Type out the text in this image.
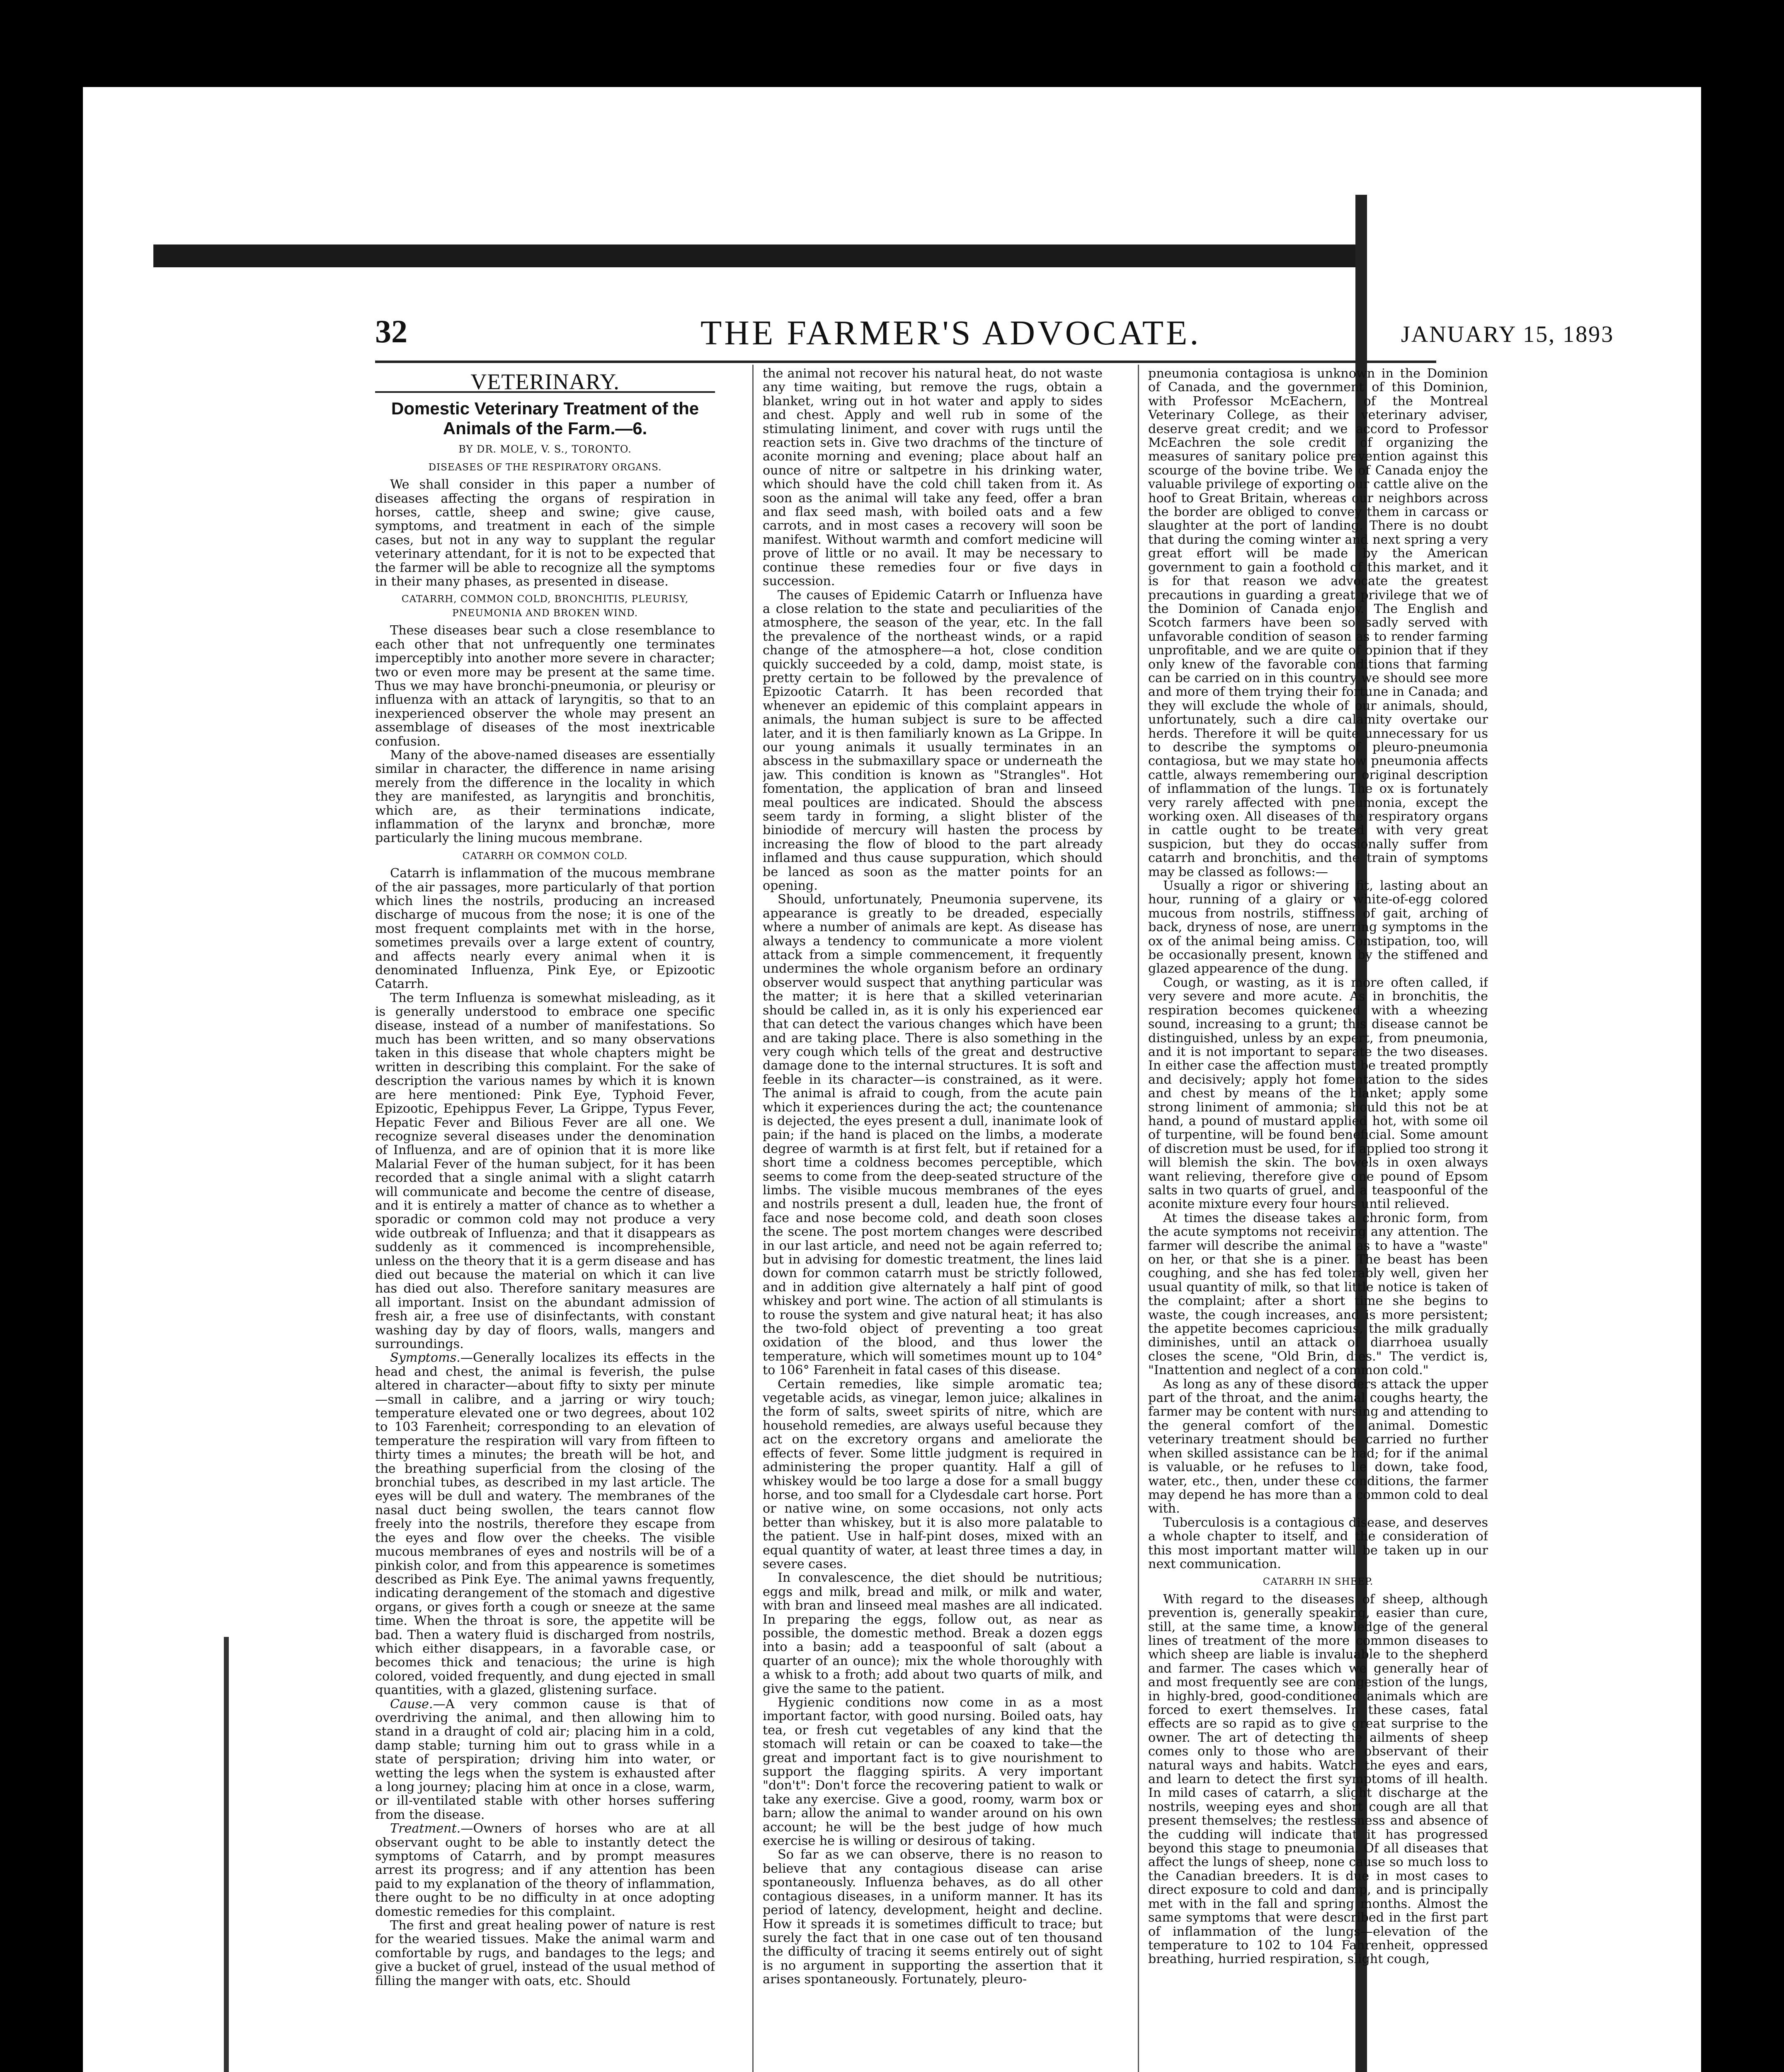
32	THE FARMER'S ADVOCATE.	JANUARY 15, 1893
VETERINARY.
Domestic Veterinary Treatment of the Animals of the Farm.—6.
BY DR. MOLE, V. S., TORONTO.
DISEASES OF THE RESPIRATORY ORGANS.

We shall consider in this paper a number of diseases affecting the organs of respiration in horses, cattle, sheep and swine; give cause, symptoms, and treatment in each of the simple cases, but not in any way to supplant the regular veterinary attendant, for it is not to be expected that the farmer will be able to recognize all the symptoms in their many phases, as presented in disease.

CATARRH, COMMON COLD, BRONCHITIS, PLEURISY, PNEUMONIA AND BROKEN WIND.

These diseases bear such a close resemblance to each other that not unfrequently one terminates imperceptibly into another more severe in character; two or even more may be present at the same time. Thus we may have bronchi-pneumonia, or pleurisy or influenza with an attack of laryngitis, so that to an inexperienced observer the whole may present an assemblage of diseases of the most inextricable confusion.

Many of the above-named diseases are essentially similar in character, the difference in name arising merely from the difference in the locality in which they are manifested, as laryngitis and bronchitis, which are, as their terminations indicate, inflammation of the larynx and bronchæ, more particularly the lining mucous membrane.

CATARRH OR COMMON COLD.

Catarrh is inflammation of the mucous membrane of the air passages, more particularly of that portion which lines the nostrils, producing an increased discharge of mucous from the nose; it is one of the most frequent complaints met with in the horse, sometimes prevails over a large extent of country, and affects nearly every animal when it is denominated Influenza, Pink Eye, or Epizootic Catarrh.

The term Influenza is somewhat misleading, as it is generally understood to embrace one specific disease, instead of a number of manifestations. So much has been written, and so many observations taken in this disease that whole chapters might be written in describing this complaint. For the sake of description the various names by which it is known are here mentioned: Pink Eye, Typhoid Fever, Epizootic, Epehippus Fever, La Grippe, Typus Fever, Hepatic Fever and Bilious Fever are all one. We recognize several diseases under the denomination of Influenza, and are of opinion that it is more like Malarial Fever of the human subject, for it has been recorded that a single animal with a slight catarrh will communicate and become the centre of disease, and it is entirely a matter of chance as to whether a sporadic or common cold may not produce a very wide outbreak of Influenza; and that it disappears as suddenly as it commenced is incomprehensible, unless on the theory that it is a germ disease and has died out because the material on which it can live has died out also. Therefore sanitary measures are all important. Insist on the abundant admission of fresh air, a free use of disinfectants, with constant washing day by day of floors, walls, mangers and surroundings.

Symptoms.—Generally localizes its effects in the head and chest, the animal is feverish, the pulse altered in character—about fifty to sixty per minute—small in calibre, and a jarring or wiry touch; temperature elevated one or two degrees, about 102 to 103 Farenheit; corresponding to an elevation of temperature the respiration will vary from fifteen to thirty times a minutes; the breath will be hot, and the breathing superficial from the closing of the bronchial tubes, as described in my last article. The eyes will be dull and watery. The membranes of the nasal duct being swollen, the tears cannot flow freely into the nostrils, therefore they escape from the eyes and flow over the cheeks. The visible mucous membranes of eyes and nostrils will be of a pinkish color, and from this appearence is sometimes described as Pink Eye. The animal yawns frequently, indicating derangement of the stomach and digestive organs, or gives forth a cough or sneeze at the same time. When the throat is sore, the appetite will be bad. Then a watery fluid is discharged from nostrils, which either disappears, in a favorable case, or becomes thick and tenacious; the urine is high colored, voided frequently, and dung ejected in small quantities, with a glazed, glistening surface.

Cause.—A very common cause is that of overdriving the animal, and then allowing him to stand in a draught of cold air; placing him in a cold, damp stable; turning him out to grass while in a state of perspiration; driving him into water, or wetting the legs when the system is exhausted after a long journey; placing him at once in a close, warm, or ill-ventilated stable with other horses suffering from the disease.

Treatment.—Owners of horses who are at all observant ought to be able to instantly detect the symptoms of Catarrh, and by prompt measures arrest its progress; and if any attention has been paid to my explanation of the theory of inflammation, there ought to be no difficulty in at once adopting domestic remedies for this complaint.

The first and great healing power of nature is rest for the wearied tissues. Make the animal warm and comfortable by rugs, and bandages to the legs; and give a bucket of gruel, instead of the usual method of filling the manger with oats, etc. Should

the animal not recover his natural heat, do not waste any time waiting, but remove the rugs, obtain a blanket, wring out in hot water and apply to sides and chest. Apply and well rub in some of the stimulating liniment, and cover with rugs until the reaction sets in. Give two drachms of the tincture of aconite morning and evening; place about half an ounce of nitre or saltpetre in his drinking water, which should have the cold chill taken from it. As soon as the animal will take any feed, offer a bran and flax seed mash, with boiled oats and a few carrots, and in most cases a recovery will soon be manifest. Without warmth and comfort medicine will prove of little or no avail. It may be necessary to continue these remedies four or five days in succession.

The causes of Epidemic Catarrh or Influenza have a close relation to the state and peculiarities of the atmosphere, the season of the year, etc. In the fall the prevalence of the northeast winds, or a rapid change of the atmosphere—a hot, close condition quickly succeeded by a cold, damp, moist state, is pretty certain to be followed by the prevalence of Epizootic Catarrh. It has been recorded that whenever an epidemic of this complaint appears in animals, the human subject is sure to be affected later, and it is then familiarly known as La Grippe. In our young animals it usually terminates in an abscess in the submaxillary space or underneath the jaw. This condition is known as "Strangles". Hot fomentation, the application of bran and linseed meal poultices are indicated. Should the abscess seem tardy in forming, a slight blister of the biniodide of mercury will hasten the process by increasing the flow of blood to the part already inflamed and thus cause suppuration, which should be lanced as soon as the matter points for an opening.

Should, unfortunately, Pneumonia supervene, its appearance is greatly to be dreaded, especially where a number of animals are kept. As disease has always a tendency to communicate a more violent attack from a simple commencement, it frequently undermines the whole organism before an ordinary observer would suspect that anything particular was the matter; it is here that a skilled veterinarian should be called in, as it is only his experienced ear that can detect the various changes which have been and are taking place. There is also something in the very cough which tells of the great and destructive damage done to the internal structures. It is soft and feeble in its character—is constrained, as it were. The animal is afraid to cough, from the acute pain which it experiences during the act; the countenance is dejected, the eyes present a dull, inanimate look of pain; if the hand is placed on the limbs, a moderate degree of warmth is at first felt, but if retained for a short time a coldness becomes perceptible, which seems to come from the deep-seated structure of the limbs. The visible mucous membranes of the eyes and nostrils present a dull, leaden hue, the front of face and nose become cold, and death soon closes the scene. The post mortem changes were described in our last article, and need not be again referred to; but in advising for domestic treatment, the lines laid down for common catarrh must be strictly followed, and in addition give alternately a half pint of good whiskey and port wine. The action of all stimulants is to rouse the system and give natural heat; it has also the two-fold object of preventing a too great oxidation of the blood, and thus lower the temperature, which will sometimes mount up to 104° to 106° Farenheit in fatal cases of this disease.

Certain remedies, like simple aromatic tea; vegetable acids, as vinegar, lemon juice; alkalines in the form of salts, sweet spirits of nitre, which are household remedies, are always useful because they act on the excretory organs and ameliorate the effects of fever. Some little judgment is required in administering the proper quantity. Half a gill of whiskey would be too large a dose for a small buggy horse, and too small for a Clydesdale cart horse. Port or native wine, on some occasions, not only acts better than whiskey, but it is also more palatable to the patient. Use in half-pint doses, mixed with an equal quantity of water, at least three times a day, in severe cases.

In convalescence, the diet should be nutritious; eggs and milk, bread and milk, or milk and water, with bran and linseed meal mashes are all indicated. In preparing the eggs, follow out, as near as possible, the domestic method. Break a dozen eggs into a basin; add a teaspoonful of salt (about a quarter of an ounce); mix the whole thoroughly with a whisk to a froth; add about two quarts of milk, and give the same to the patient.

Hygienic conditions now come in as a most important factor, with good nursing. Boiled oats, hay tea, or fresh cut vegetables of any kind that the stomach will retain or can be coaxed to take—the great and important fact is to give nourishment to support the flagging spirits. A very important "don't": Don't force the recovering patient to walk or take any exercise. Give a good, roomy, warm box or barn; allow the animal to wander around on his own account; he will be the best judge of how much exercise he is willing or desirous of taking.

So far as we can observe, there is no reason to believe that any contagious disease can arise spontaneously. Influenza behaves, as do all other contagious diseases, in a uniform manner. It has its period of latency, development, height and decline. How it spreads it is sometimes difficult to trace; but surely the fact that in one case out of ten thousand the difficulty of tracing it seems entirely out of sight is no argument in supporting the assertion that it arises spontaneously. Fortunately, pleuro-

pneumonia contagiosa is unknown in the Dominion of Canada, and the government of this Dominion, with Professor McEachern, of the Montreal Veterinary College, as their veterinary adviser, deserve great credit; and we accord to Professor McEachren the sole credit of organizing the measures of sanitary police prevention against this scourge of the bovine tribe. We of Canada enjoy the valuable privilege of exporting our cattle alive on the hoof to Great Britain, whereas our neighbors across the border are obliged to convey them in carcass or slaughter at the port of landing. There is no doubt that during the coming winter and next spring a very great effort will be made by the American government to gain a foothold of this market, and it is for that reason we advocate the greatest precautions in guarding a great privilege that we of the Dominion of Canada enjoy. The English and Scotch farmers have been so sadly served with unfavorable condition of season as to render farming unprofitable, and we are quite of opinion that if they only knew of the favorable conditions that farming can be carried on in this country we should see more and more of them trying their fortune in Canada; and they will exclude the whole of our animals, should, unfortunately, such a dire calamity overtake our herds. Therefore it will be quite unnecessary for us to describe the symptoms of pleuro-pneumonia contagiosa, but we may state how pneumonia affects cattle, always remembering our original description of inflammation of the lungs. The ox is fortunately very rarely affected with pneumonia, except the working oxen. All diseases of the respiratory organs in cattle ought to be treated with very great suspicion, but they do occasionally suffer from catarrh and bronchitis, and the train of symptoms may be classed as follows:—

Usually a rigor or shivering fit, lasting about an hour, running of a glairy or white-of-egg colored mucous from nostrils, stiffness of gait, arching of back, dryness of nose, are unerring symptoms in the ox of the animal being amiss. Constipation, too, will be occasionally present, known by the stiffened and glazed appearence of the dung.

Cough, or wasting, as it is more often called, if very severe and more acute. As in bronchitis, the respiration becomes quickened with a wheezing sound, increasing to a grunt; this disease cannot be distinguished, unless by an expert, from pneumonia, and it is not important to separate the two diseases. In either case the affection must be treated promptly and decisively; apply hot fomentation to the sides and chest by means of the blanket; apply some strong liniment of ammonia; should this not be at hand, a pound of mustard applied hot, with some oil of turpentine, will be found beneficial. Some amount of discretion must be used, for if applied too strong it will blemish the skin. The bowels in oxen always want relieving, therefore give one pound of Epsom salts in two quarts of gruel, and a teaspoonful of the aconite mixture every four hours until relieved.

At times the disease takes a chronic form, from the acute symptoms not receiving any attention. The farmer will describe the animal as to have a "waste" on her, or that she is a piner. The beast has been coughing, and she has fed tolerably well, given her usual quantity of milk, so that little notice is taken of the complaint; after a short time she begins to waste, the cough increases, and is more persistent; the appetite becomes capricious, the milk gradually diminishes, until an attack of diarrhoea usually closes the scene, "Old Brin, dies." The verdict is, "Inattention and neglect of a common cold."

As long as any of these disorders attack the upper part of the throat, and the animal coughs hearty, the farmer may be content with nursing and attending to the general comfort of the animal. Domestic veterinary treatment should be carried no further when skilled assistance can be had; for if the animal is valuable, or he refuses to lie down, take food, water, etc., then, under these conditions, the farmer may depend he has more than a common cold to deal with.

Tuberculosis is a contagious disease, and deserves a whole chapter to itself, and the consideration of this most important matter will be taken up in our next communication.

CATARRH IN SHEEP.

With regard to the diseases of sheep, although prevention is, generally speaking, easier than cure, still, at the same time, a knowledge of the general lines of treatment of the more common diseases to which sheep are liable is invaluable to the shepherd and farmer. The cases which we generally hear of and most frequently see are congestion of the lungs, in highly-bred, good-conditioned animals which are forced to exert themselves. In these cases, fatal effects are so rapid as to give great surprise to the owner. The art of detecting the ailments of sheep comes only to those who are observant of their natural ways and habits. Watch the eyes and ears, and learn to detect the first symptoms of ill health. In mild cases of catarrh, a slight discharge at the nostrils, weeping eyes and short cough are all that present themselves; the restlessness and absence of the cudding will indicate that it has progressed beyond this stage to pneumonia. Of all diseases that affect the lungs of sheep, none cause so much loss to the Canadian breeders. It is due in most cases to direct exposure to cold and damp, and is principally met with in the fall and spring months. Almost the same symptoms that were described in the first part of inflammation of the lungs—elevation of the temperature to 102 to 104 Fahrenheit, oppressed breathing, hurried respiration, slight cough,
